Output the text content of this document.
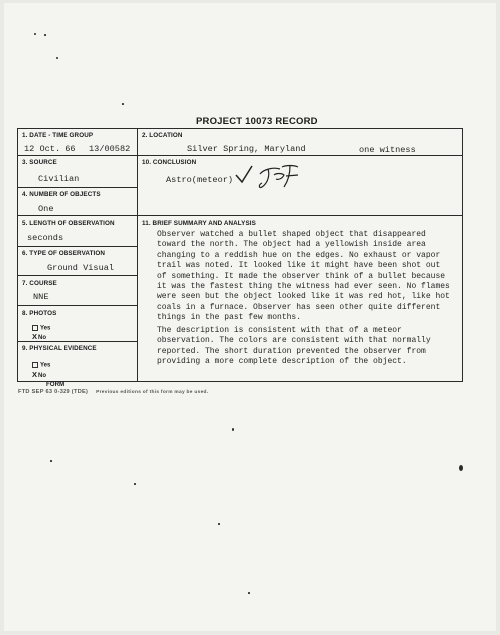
PROJECT 10073 RECORD
1. DATE - TIME GROUP
12 Oct. 66 13/00582
2. LOCATION
Silver Spring, Maryland	one witness
3. SOURCE
Civilian
10. CONCLUSION
Astro(meteor)
4. NUMBER OF OBJECTS
One
5. LENGTH OF OBSERVATION
seconds
11. BRIEF SUMMARY AND ANALYSIS
Observer watched a bullet shaped object that disappeared toward the north. The object had a yellowish inside area changing to a reddish hue on the edges. No exhaust or vapor trail was noted. It looked like it might have been shot out of something. It made the observer think of a bullet because it was the fastest thing the witness had ever seen. No flames were seen but the object looked like it was red hot, like hot coals in a furnace. Observer has seen other quite different things in the past few months.
The description is consistent with that of a meteor observation. The colors are consistent with that normally reported. The short duration prevented the observer from providing a more complete description of the object.
6. TYPE OF OBSERVATION
Ground Visual
7. COURSE
NNE
8. PHOTOS
Yes
XNo
9. PHYSICAL EVIDENCE
Yes
XNo
FORM
FTD SEP 63 0-329 (TDE) Previous editions of this form may be used.
